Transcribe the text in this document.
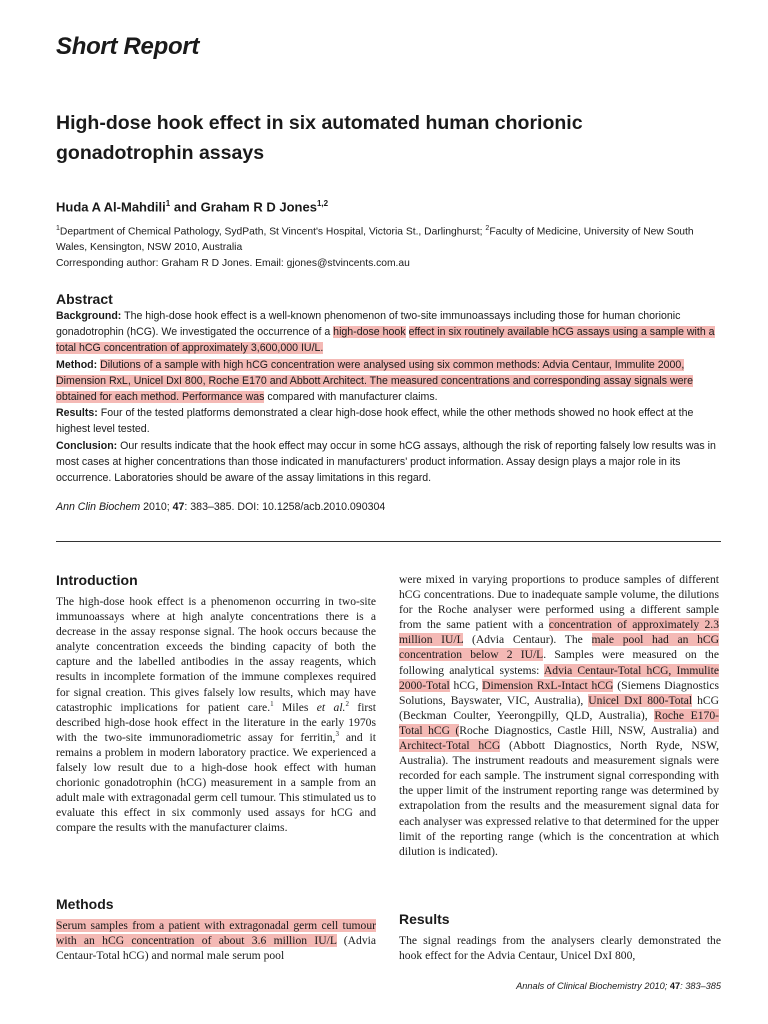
Short Report
High-dose hook effect in six automated human chorionic gonadotrophin assays
Huda A Al-Mahdili$^1$ and Graham R D Jones$^{1,2}$
$^1$Department of Chemical Pathology, SydPath, St Vincent's Hospital, Victoria St., Darlinghurst; $^2$Faculty of Medicine, University of New South Wales, Kensington, NSW 2010, Australia
Corresponding author: Graham R D Jones. Email: gjones@stvincents.com.au
Abstract

Background: The high-dose hook effect is a well-known phenomenon of two-site immunoassays including those for human chorionic gonadotrophin (hCG). We investigated the occurrence of a high-dose hook effect in six routinely available hCG assays using a sample with a total hCG concentration of approximately 3,600,000 IU/L.

Method: Dilutions of a sample with high hCG concentration were analysed using six common methods: Advia Centaur, Immulite 2000, Dimension RxL, Unicel DxI 800, Roche E170 and Abbott Architect. The measured concentrations and corresponding assay signals were obtained for each method. Performance was compared with manufacturer claims.

Results: Four of the tested platforms demonstrated a clear high-dose hook effect, while the other methods showed no hook effect at the highest level tested.

Conclusion: Our results indicate that the hook effect may occur in some hCG assays, although the risk of reporting falsely low results was in most cases at higher concentrations than those indicated in manufacturers' product information. Assay design plays a major role in its occurrence. Laboratories should be aware of the assay limitations in this regard.

Ann Clin Biochem 2010; 47: 383–385. DOI: 10.1258/acb.2010.090304
Introduction

The high-dose hook effect is a phenomenon occurring in two-site immunoassays where at high analyte concentrations there is a decrease in the assay response signal. The hook occurs because the analyte concentration exceeds the binding capacity of both the capture and the labelled antibodies in the assay reagents, which results in incomplete formation of the immune complexes required for signal creation. This gives falsely low results, which may have catastrophic implications for patient care.$^1$ Miles et al.$^2$ first described high-dose hook effect in the literature in the early 1970s with the two-site immunoradiometric assay for ferritin,$^3$ and it remains a problem in modern laboratory practice. We experienced a falsely low result due to a high-dose hook effect with human chorionic gonadotrophin (hCG) measurement in a sample from an adult male with extragonadal germ cell tumour. This stimulated us to evaluate this effect in six commonly used assays for hCG and compare the results with the manufacturer claims.

Methods

Serum samples from a patient with extragonadal germ cell tumour with an hCG concentration of about 3.6 million IU/L (Advia Centaur-Total hCG) and normal male serum pool

were mixed in varying proportions to produce samples of different hCG concentrations. Due to inadequate sample volume, the dilutions for the Roche analyser were performed using a different sample from the same patient with a concentration of approximately 2.3 million IU/L (Advia Centaur). The male pool had an hCG concentration below 2 IU/L. Samples were measured on the following analytical systems: Advia Centaur-Total hCG, Immulite 2000-Total hCG, Dimension RxL-Intact hCG (Siemens Diagnostics Solutions, Bayswater, VIC, Australia), Unicel DxI 800-Total hCG (Beckman Coulter, Yeerongpilly, QLD, Australia), Roche E170-Total hCG (Roche Diagnostics, Castle Hill, NSW, Australia) and Architect-Total hCG (Abbott Diagnostics, North Ryde, NSW, Australia). The instrument readouts and measurement signals were recorded for each sample. The instrument signal corresponding with the upper limit of the instrument reporting range was determined by extrapolation from the results and the measurement signal data for each analyser was expressed relative to that determined for the upper limit of the reporting range (which is the concentration at which dilution is indicated).

Results

The signal readings from the analysers clearly demonstrated the hook effect for the Advia Centaur, Unicel DxI 800,

Annals of Clinical Biochemistry 2010; 47: 383–385
